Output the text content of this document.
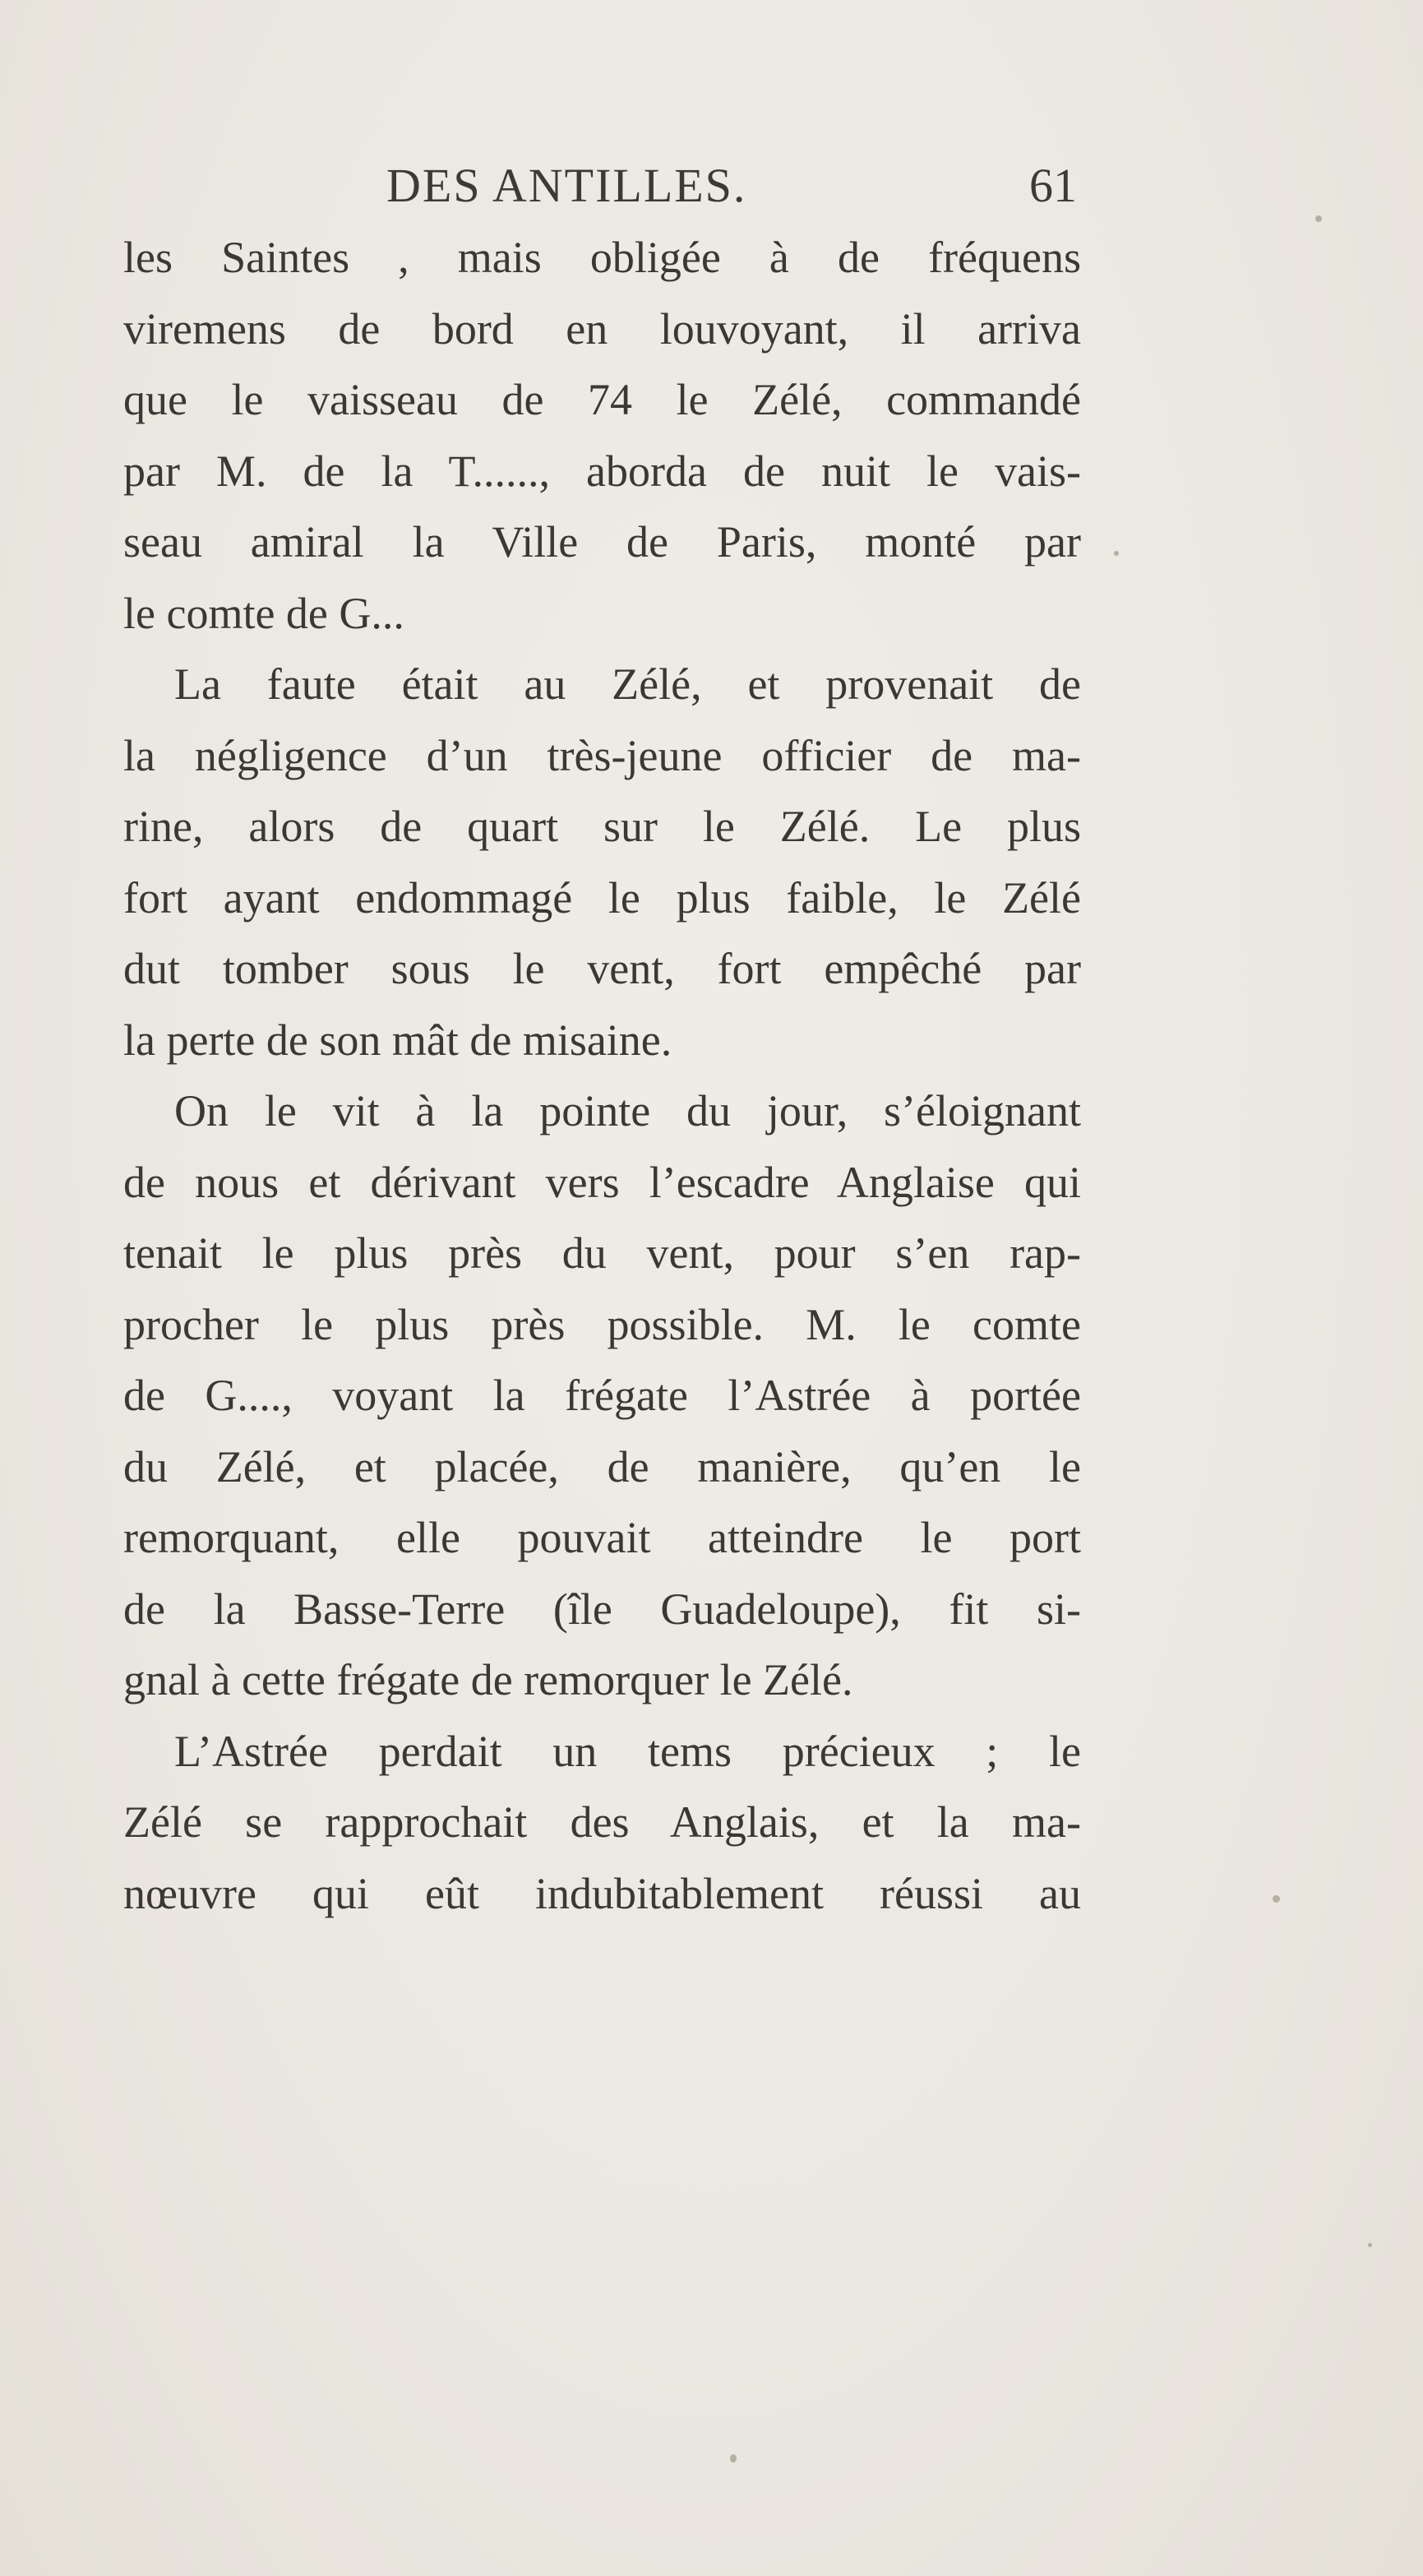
DES ANTILLES.	61
les Saintes , mais obligée à de fréquens
viremens de bord en louvoyant, il arriva
que le vaisseau de 74 le Zélé, commandé
par M. de la T......, aborda de nuit le vais-
seau amiral la Ville de Paris, monté par
le comte de G...
La faute était au Zélé, et provenait de
la négligence d’un très-jeune officier de ma-
rine, alors de quart sur le Zélé. Le plus
fort ayant endommagé le plus faible, le Zélé
dut tomber sous le vent, fort empêché par
la perte de son mât de misaine.
On le vit à la pointe du jour, s’éloignant
de nous et dérivant vers l’escadre Anglaise qui
tenait le plus près du vent, pour s’en rap-
procher le plus près possible. M. le comte
de G...., voyant la frégate l’Astrée à portée
du Zélé, et placée, de manière, qu’en le
remorquant, elle pouvait atteindre le port
de la Basse-Terre (île Guadeloupe), fit si-
gnal à cette frégate de remorquer le Zélé.
L’Astrée perdait un tems précieux ; le
Zélé se rapprochait des Anglais, et la ma-
nœuvre qui eût indubitablement réussi au
